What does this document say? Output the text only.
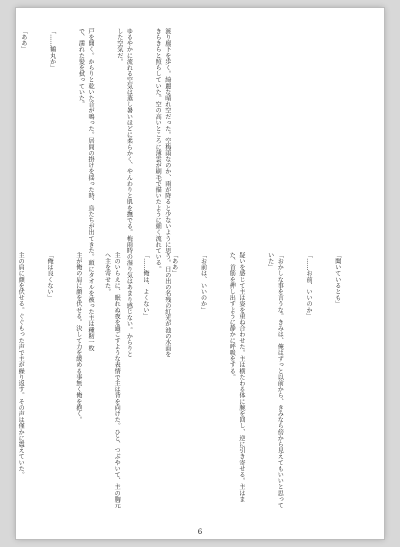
渡り廊下を歩く。綺麗な晴れ空だった。空梅雨なのか、雨が降ると少ないように思う。日の出の名残の紅光が池の水面をきらきらと照らしていた。空の高いところに薄雲が刷毛で描いたように細く流れている。

ゆるやかに流れる空気は蒸し暑いほどに柔らかく、やんわりと肌を撫でる。梅雨時の湿り気はあまり感じない。からりとした空気だ。

戸を開く。からりと乾いた音が鳴った。居間の掛けを揺った時、鳥たちが出てきた。頭にタオルを被った主は種籾一枚で、濡れた髪を拭っていた。

「……鶴丸か」

「ああ」

「聞いているとも」

「……お前、いいのか」

「おかしな事を言うな。きみは、俺はずっと以前から、きみなら傍から見えてもいいと思っていた」

疑いを感じて主は姿を重ね合わせた。主は横たわる体に腕を回し、逆に引き寄せる。主はまた、首筋を押し出すように静かに呼吸をする。

「お前は、いいのか」

「ああ」

「……俺は、よくない」

主のいらえに、眠れぬ夜を過ごすような表情で主は背を向けた。ひと、つぶやいて、主の胸元へ主を寄せた。

主が俺の肩に顔を伏せる。決して力を緩める事無く俺を抱く。

「俺は良くない」

主の肩に顔を伏せる。ぐぐもった声で主が繰り返す。その声は僅かに震えていた。

6
